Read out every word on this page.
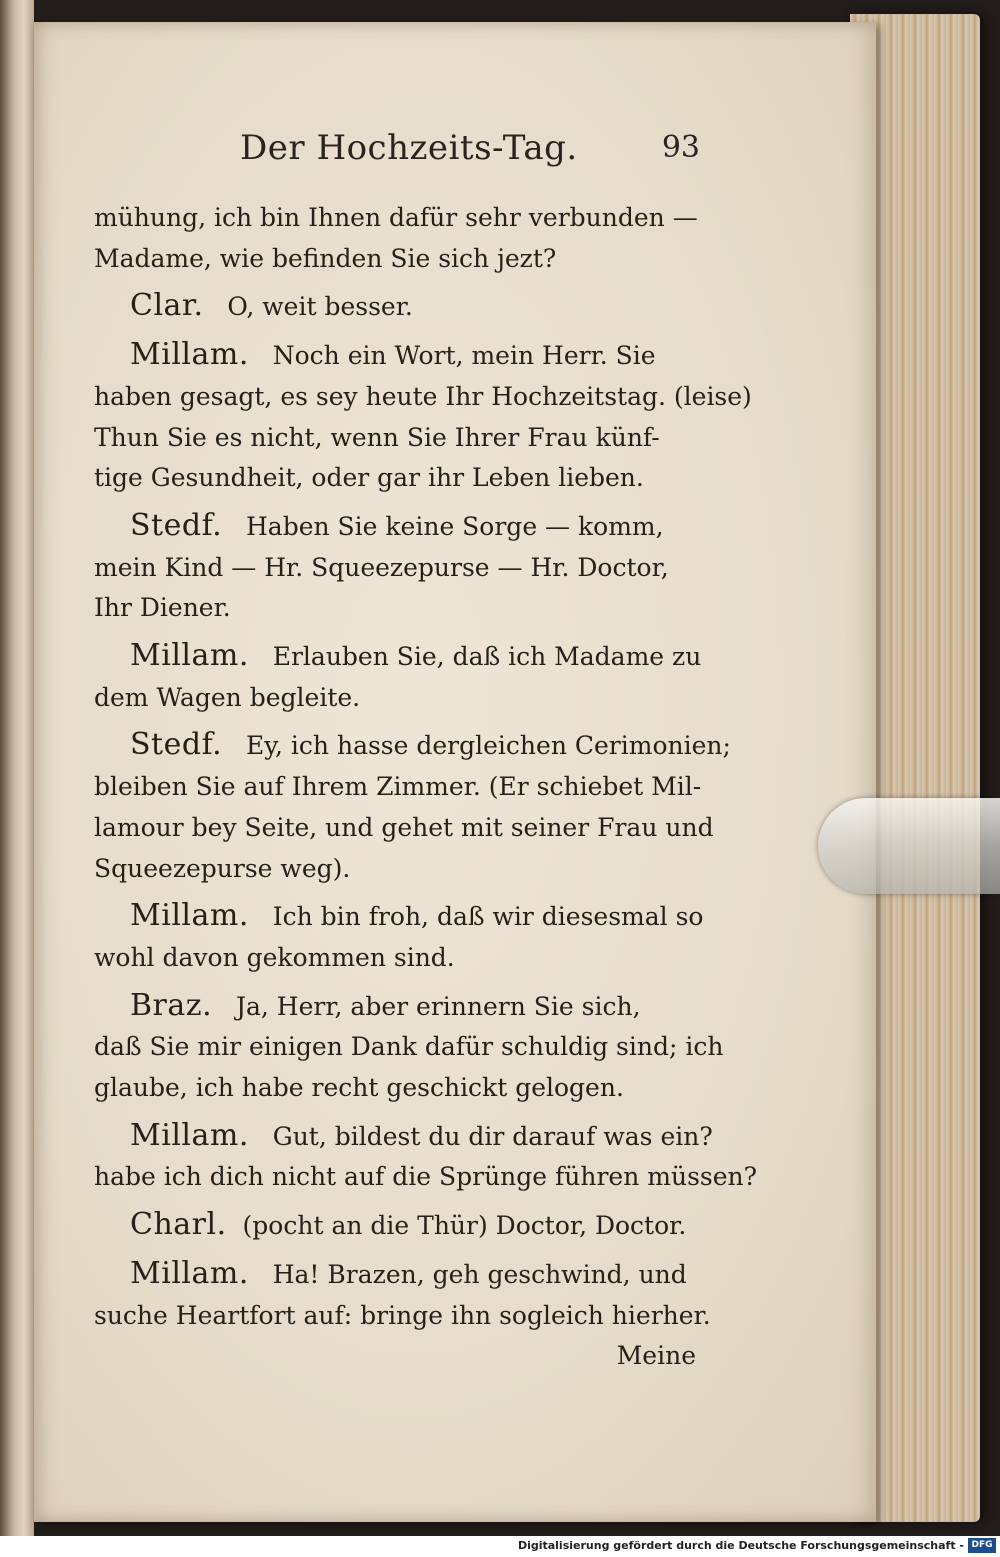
Der Hochzeits-Tag.	93
mühung, ich bin Ihnen dafür sehr verbunden —
Madame, wie befinden Sie sich jezt?
Clar. O, weit besser.
Millam. Noch ein Wort, mein Herr. Sie
haben gesagt, es sey heute Ihr Hochzeitstag. (leise)
Thun Sie es nicht, wenn Sie Ihrer Frau künf-
tige Gesundheit, oder gar ihr Leben lieben.
Stedf. Haben Sie keine Sorge — komm,
mein Kind — Hr. Squeezepurse — Hr. Doctor,
Ihr Diener.
Millam. Erlauben Sie, daß ich Madame zu
dem Wagen begleite.
Stedf. Ey, ich hasse dergleichen Cerimonien;
bleiben Sie auf Ihrem Zimmer. (Er schiebet Mil-
lamour bey Seite, und gehet mit seiner Frau und
Squeezepurse weg).
Millam. Ich bin froh, daß wir diesesmal so
wohl davon gekommen sind.
Braz. Ja, Herr, aber erinnern Sie sich,
daß Sie mir einigen Dank dafür schuldig sind; ich
glaube, ich habe recht geschickt gelogen.
Millam. Gut, bildest du dir darauf was ein?
habe ich dich nicht auf die Sprünge führen müssen?
Charl. (pocht an die Thür) Doctor, Doctor.
Millam. Ha! Brazen, geh geschwind, und
suche Heartfort auf: bringe ihn sogleich hierher.
Meine
Digitalisierung gefördert durch die Deutsche Forschungsgemeinschaft - DFG
